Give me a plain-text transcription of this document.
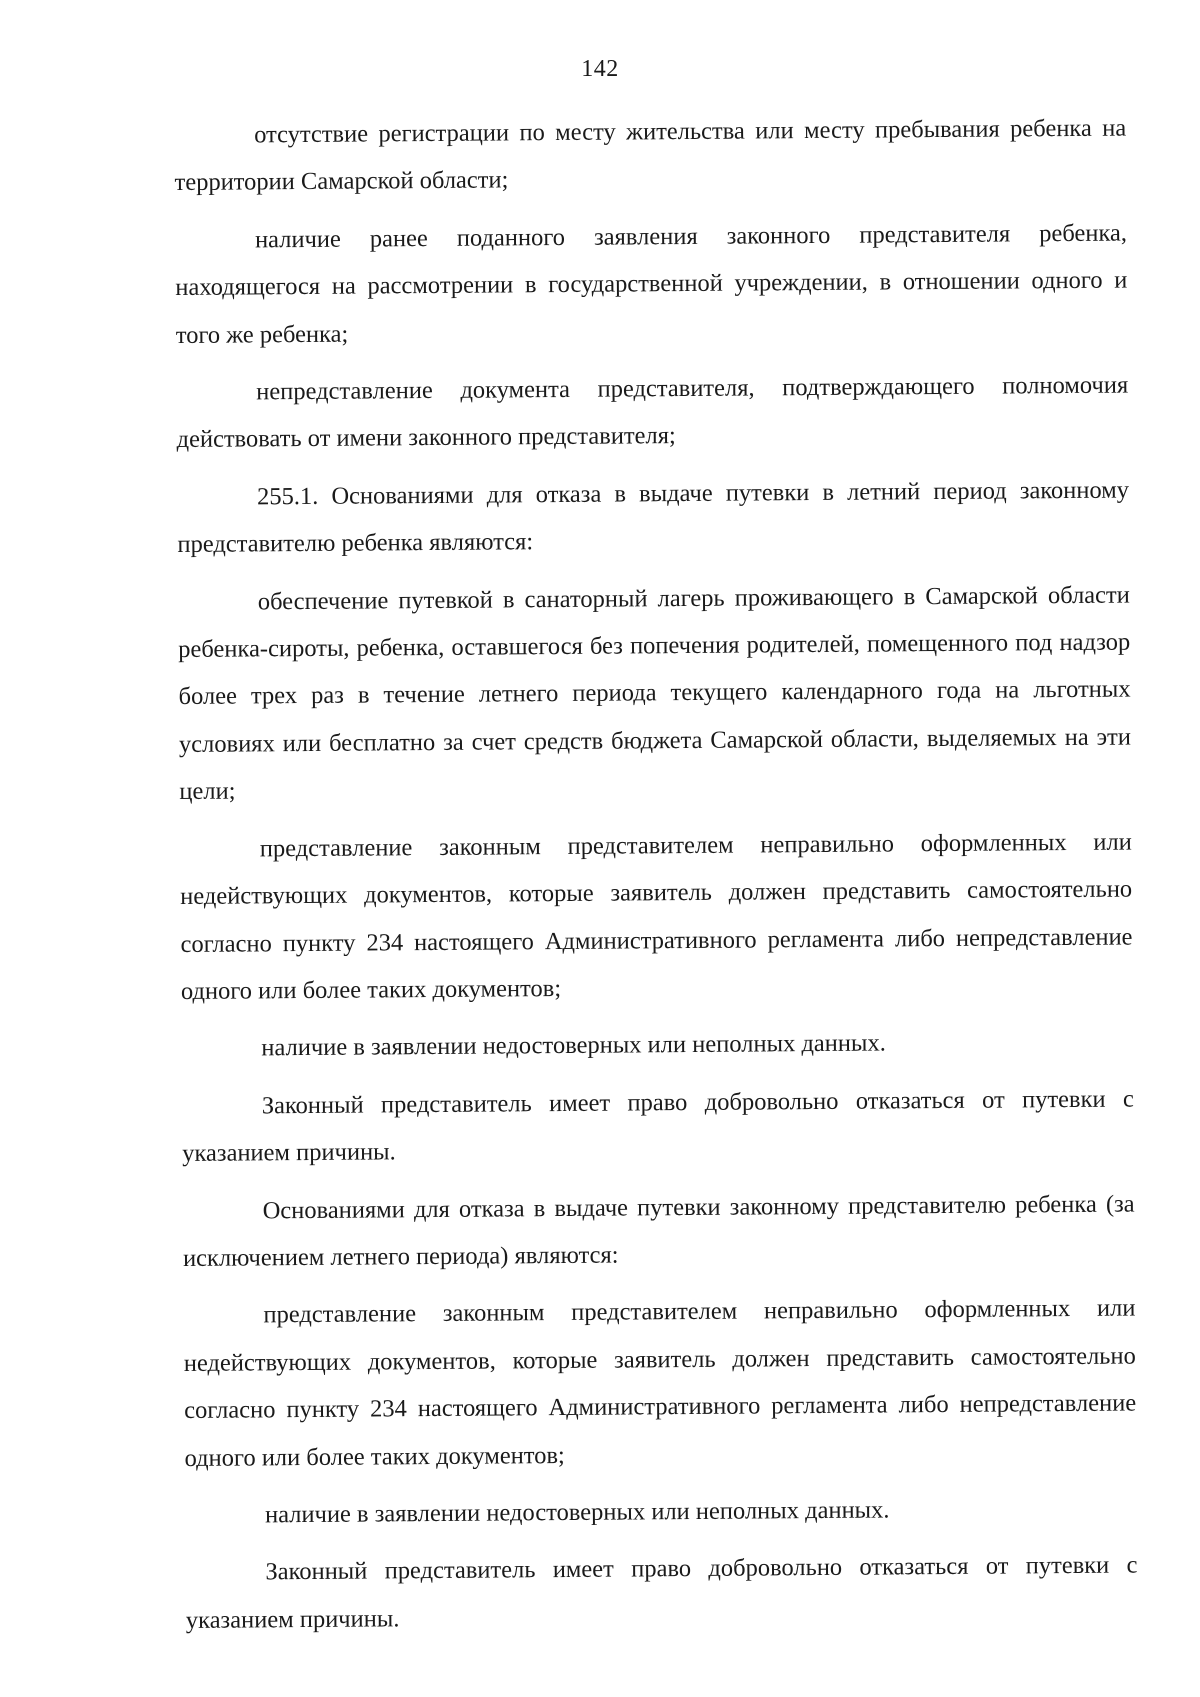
142

отсутствие регистрации по месту жительства или месту пребывания ребенка на территории Самарской области;

наличие ранее поданного заявления законного представителя ребенка, находящегося на рассмотрении в государственной учреждении, в отношении одного и того же ребенка;

непредставление документа представителя, подтверждающего полномочия действовать от имени законного представителя;

255.1. Основаниями для отказа в выдаче путевки в летний период законному представителю ребенка являются:

обеспечение путевкой в санаторный лагерь проживающего в Самарской области ребенка-сироты, ребенка, оставшегося без попечения родителей, помещенного под надзор более трех раз в течение летнего периода текущего календарного года на льготных условиях или бесплатно за счет средств бюджета Самарской области, выделяемых на эти цели;

представление законным представителем неправильно оформленных или недействующих документов, которые заявитель должен представить самостоятельно согласно пункту 234 настоящего Административного регламента либо непредставление одного или более таких документов;

наличие в заявлении недостоверных или неполных данных.

Законный представитель имеет право добровольно отказаться от путевки с указанием причины.

Основаниями для отказа в выдаче путевки законному представителю ребенка (за исключением летнего периода) являются:

представление законным представителем неправильно оформленных или недействующих документов, которые заявитель должен представить самостоятельно согласно пункту 234 настоящего Административного регламента либо непредставление одного или более таких документов;

наличие в заявлении недостоверных или неполных данных.

Законный представитель имеет право добровольно отказаться от путевки с указанием причины.
